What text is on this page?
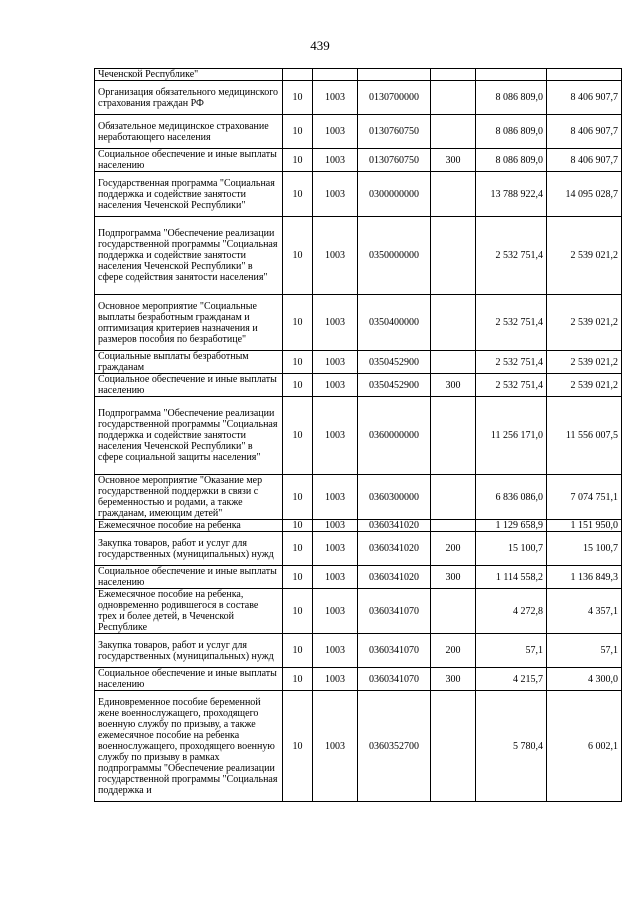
439
Чеченской Республике"						
Организация обязательного медицинского страхования граждан РФ	10	1003	0130700000		8 086 809,0	8 406 907,7
Обязательное медицинское страхование неработающего населения	10	1003	0130760750		8 086 809,0	8 406 907,7
Социальное обеспечение и иные выплаты населению	10	1003	0130760750	300	8 086 809,0	8 406 907,7
Государственная программа "Социальная поддержка и содействие занятости населения Чеченской Республики"	10	1003	0300000000		13 788 922,4	14 095 028,7
Подпрограмма "Обеспечение реализации государственной программы "Социальная поддержка и содействие занятости населения Чеченской Республики" в сфере содействия занятости населения"	10	1003	0350000000		2 532 751,4	2 539 021,2
Основное мероприятие "Социальные выплаты безработным гражданам и оптимизация критериев назначения и размеров пособия по безработице"	10	1003	0350400000		2 532 751,4	2 539 021,2
Социальные выплаты безработным гражданам	10	1003	0350452900		2 532 751,4	2 539 021,2
Социальное обеспечение и иные выплаты населению	10	1003	0350452900	300	2 532 751,4	2 539 021,2
Подпрограмма "Обеспечение реализации государственной программы "Социальная поддержка и содействие занятости населения Чеченской Республики" в сфере социальной защиты населения"	10	1003	0360000000		11 256 171,0	11 556 007,5
Основное мероприятие "Оказание мер государственной поддержки в связи с беременностью и родами, а также гражданам, имеющим детей"	10	1003	0360300000		6 836 086,0	7 074 751,1
Ежемесячное пособие на ребенка	10	1003	0360341020		1 129 658,9	1 151 950,0
Закупка товаров, работ и услуг для государственных (муниципальных) нужд	10	1003	0360341020	200	15 100,7	15 100,7
Социальное обеспечение и иные выплаты населению	10	1003	0360341020	300	1 114 558,2	1 136 849,3
Ежемесячное пособие на ребенка, одновременно родившегося в составе трех и более детей, в Чеченской Республике	10	1003	0360341070		4 272,8	4 357,1
Закупка товаров, работ и услуг для государственных (муниципальных) нужд	10	1003	0360341070	200	57,1	57,1
Социальное обеспечение и иные выплаты населению	10	1003	0360341070	300	4 215,7	4 300,0
Единовременное пособие беременной жене военнослужащего, проходящего военную службу по призыву, а также ежемесячное пособие на ребенка военнослужащего, проходящего военную службу по призыву в рамках подпрограммы "Обеспечение реализации государственной программы "Социальная поддержка и	10	1003	0360352700		5 780,4	6 002,1
